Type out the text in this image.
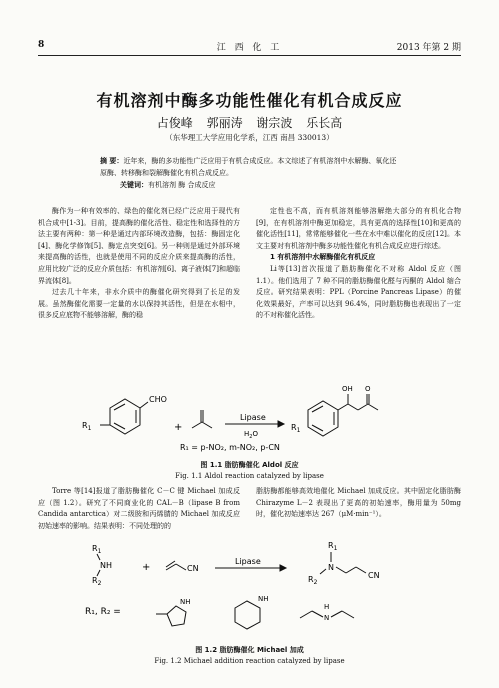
8	江 西 化 工	2013 年第 2 期
有机溶剂中酶多功能性催化有机合成反应
占俊峰 郭丽涛 谢宗波 乐长高
（东华理工大学应用化学系，江西 南昌 330013）
摘 要：近年来，酶的多功能性广泛应用于有机合成反应。本文综述了有机溶剂中水解酶、氧化还原酶、转移酶和裂解酶催化有机合成反应。
关键词：有机溶剂 酶 合成反应

酶作为一种有效率的、绿色的催化剂已经广泛应用于现代有机合成中[1-3]。目前，提高酶的催化活性、稳定性和选择性的方法主要有两种：第一种是通过内部环境改造酶，包括：酶固定化[4]、酶化学修饰[5]、酶定点突变[6]。另一种则是通过外部环境来提高酶的活性，也就是使用不同的反应介质来提高酶的活性，应用比较广泛的反应介质包括：有机溶剂[6]、离子液体[7]和超临界流体[8]。

过去几十年来，非水介质中的酶催化研究得到了长足的发展。虽然酶催化需要一定量的水以保持其活性，但是在水相中，很多反应底物不能够溶解，酶的稳

定性也不高，而有机溶剂能够溶解绝大部分的有机化合物[9]，在有机溶剂中酶更加稳定，具有更高的选择性[10]和更高的催化活性[11]，常常能够催化一些在水中难以催化的反应[12]。本文主要对有机溶剂中酶多功能性催化有机合成反应进行综述。

1 有机溶剂中水解酶催化有机反应

Li等[13]首次报道了脂肪酶催化不对称 Aldol 反应（图 1.1）。他们选用了 7 种不同的脂肪酶催化醛与丙酮的 Aldol 缩合反应。研究结果表明：PPL（Porcine Pancreas Lipase）的催化效果最好，产率可以达到 96.4%，同时脂肪酶也表现出了一定的不对称催化活性。

CHO
$R_1$	+
Lipase
$H_2O$
OH O
$R_1$
R₁ = p-NO₂, m-NO₂, p-CN
图 1.1 脂肪酶催化 Aldol 反应
Fig. 1.1 Aldol reaction catalyzed by lipase

Torre 等[14]报道了脂肪酶催化 C－C 键 Michael 加成反应（图 1.2）。研究了不同商业化的 CAL－B（lipase B from Candida antarctica）对二级胺和丙烯腈的 Michael 加成反应初始速率的影响。结果表明：不同处理的的

脂肪酶都能够高效地催化 Michael 加成反应。其中固定化脂肪酶 Chirazyme L－2 表现出了更高的初始速率，酶用量为 50mg 时，催化初始速率达 267（μM·min⁻¹）。

$R_1$
NH
$R_2$
+	CN
Lipase
$R_1$
N
$R_2$
CN
R₁, R₂ =
NH	NH
H
N
图 1.2 脂肪酶催化 Michael 加成
Fig. 1.2 Michael addition reaction catalyzed by lipase
